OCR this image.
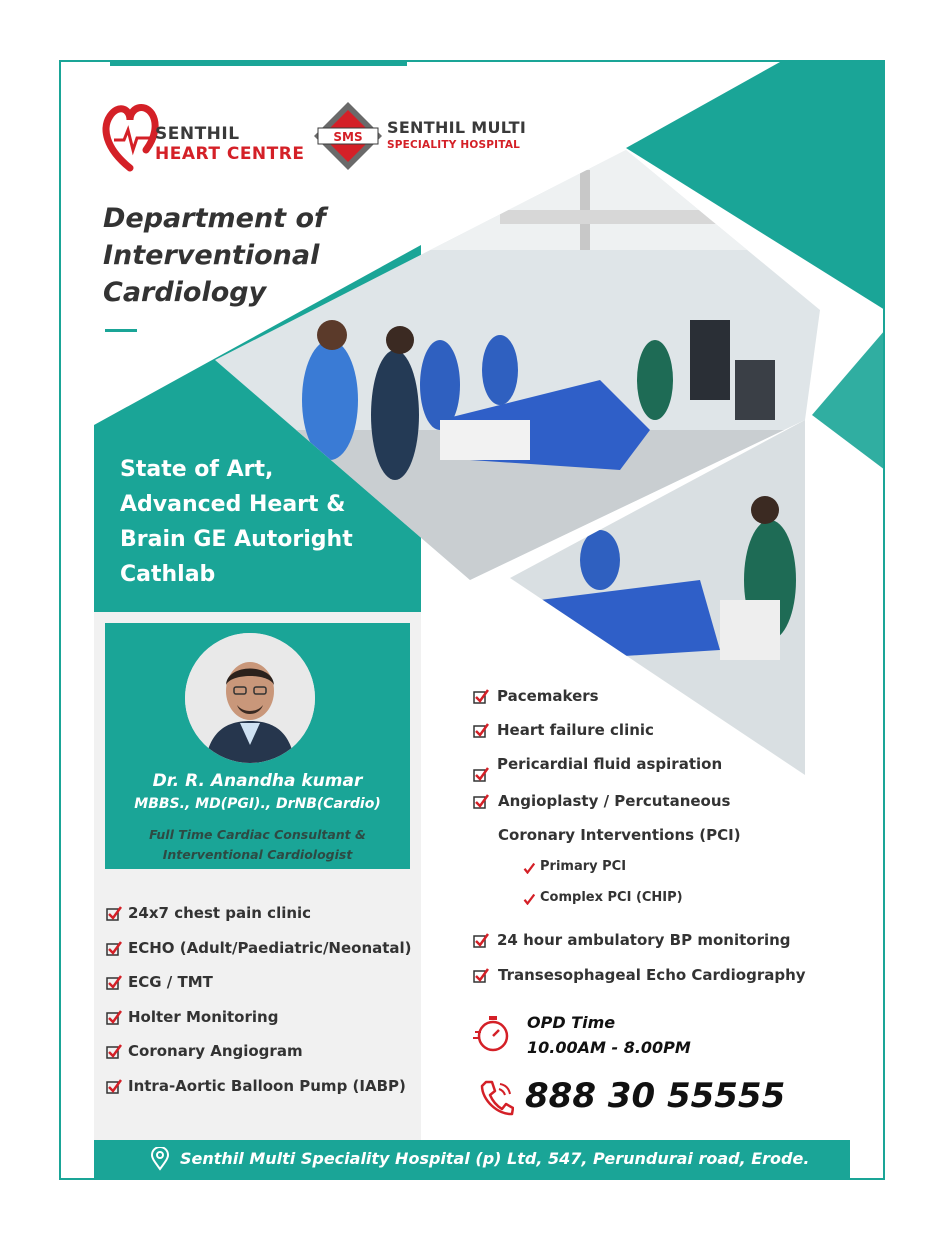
SENTHIL
HEART CENTRE
SMS SENTHIL MULTI
SPECIALITY HOSPITAL
Department of
Interventional
Cardiology
State of Art,
Advanced Heart &
Brain GE Autoright
Cathlab
Dr. R. Anandha kumar
MBBS., MD(PGI)., DrNB(Cardio)
Full Time Cardiac Consultant &
Interventional Cardiologist
24x7 chest pain clinic
ECHO (Adult/Paediatric/Neonatal)
ECG / TMT
Holter Monitoring
Coronary Angiogram
Intra-Aortic Balloon Pump (IABP)
Pacemakers
Heart failure clinic
Pericardial fluid aspiration
Angioplasty / Percutaneous
Coronary Interventions (PCI)
Primary PCI
Complex PCI (CHIP)
24 hour ambulatory BP monitoring
Transesophageal Echo Cardiography
OPD Time
10.00AM - 8.00PM
888 30 55555
Senthil Multi Speciality Hospital (p) Ltd, 547, Perundurai road, Erode.
